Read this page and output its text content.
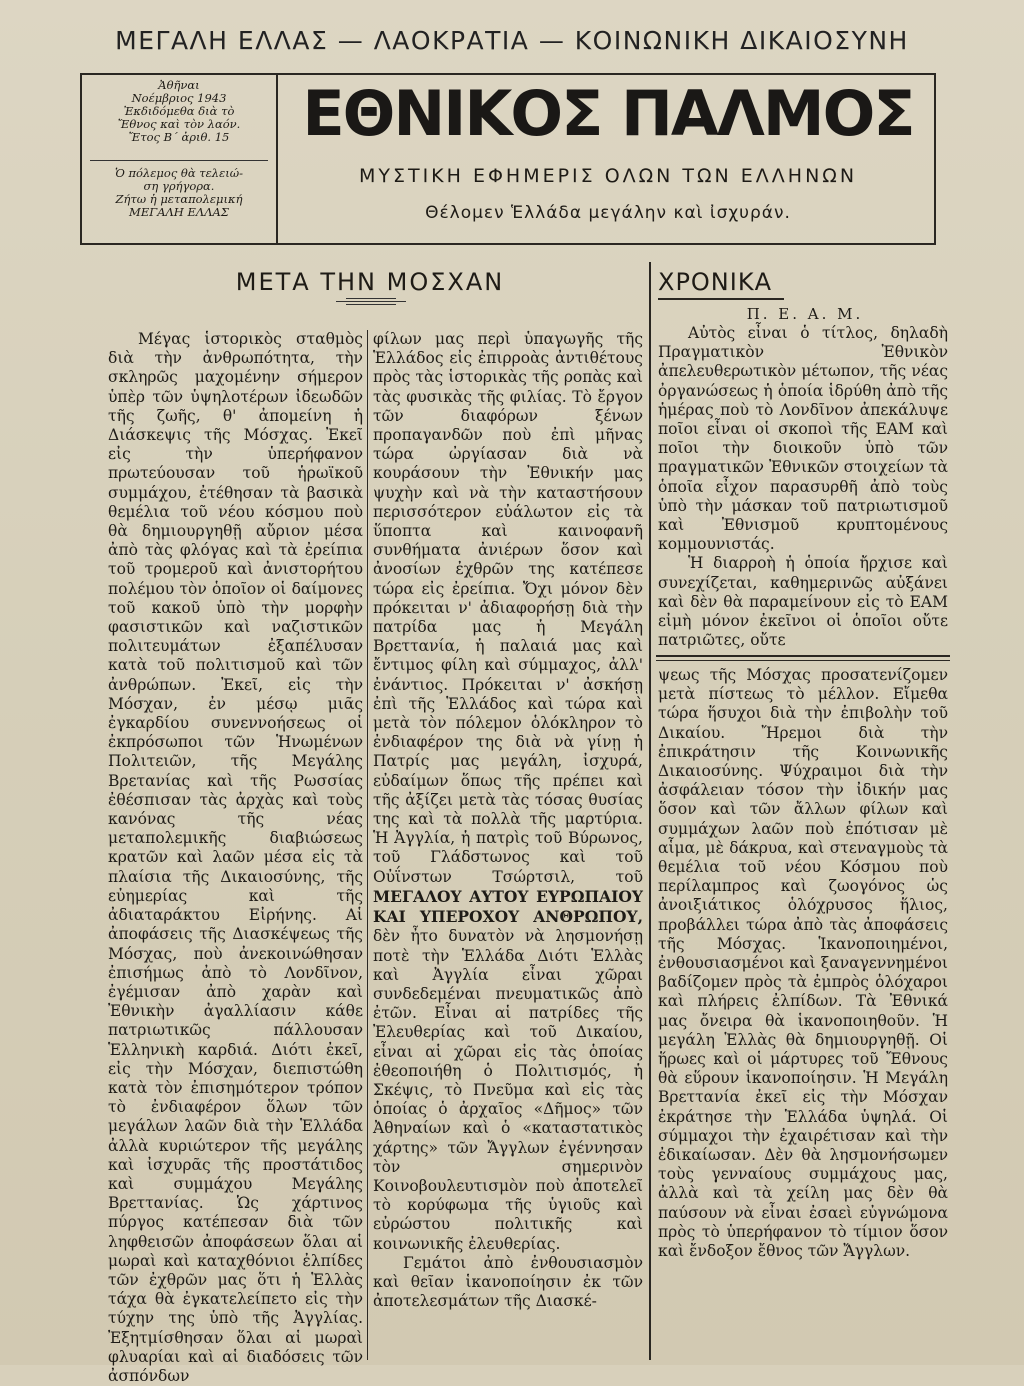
ΜΕΓΑΛΗ ΕΛΛΑΣ — ΛΑΟΚΡΑΤΙΑ — ΚΟΙΝΩΝΙΚΗ ΔΙΚΑΙΟΣΥΝΗ
Ἀθῆναι
Νοέμβριος 1943
Ἐκδιδόμεθα διὰ τὸ
Ἔθνος καὶ τὸν λαόν.
Ἔτος Β΄ ἀριθ. 15
Ὁ πόλεμος θὰ τελειώ-
ση γρήγορα.
Ζήτω ἡ μεταπολεμική
ΜΕΓΑΛΗ ΕΛΛΑΣ
ΕΘΝΙΚΟΣ ΠΑΛΜΟΣ
ΜΥΣΤΙΚΗ ΕΦΗΜΕΡΙΣ ΟΛΩΝ ΤΩΝ ΕΛΛΗΝΩΝ
Θέλομεν Ἑλλάδα μεγάλην καὶ ἰσχυράν.
ΜΕΤΑ ΤΗΝ ΜΟΣΧΑΝ

Μέγας ἱστορικὸς σταθμὸς διὰ τὴν ἀνθρωπότητα, τὴν σκληρῶς μαχομένην σήμερον ὑπὲρ τῶν ὑψηλοτέρων ἰδεωδῶν τῆς ζωῆς, θ' ἀπομείνη ἡ Διάσκεψις τῆς Μόσχας. Ἐκεῖ εἰς τὴν ὑπερήφανον πρωτεύουσαν τοῦ ἡρωϊκοῦ συμμάχου, ἐτέθησαν τὰ βασικὰ θεμέλια τοῦ νέου κόσμου ποὺ θὰ δημιουργηθῇ αὔριον μέσα ἀπὸ τὰς φλόγας καὶ τὰ ἐρείπια τοῦ τρομεροῦ καὶ ἀνιστορήτου πολέμου τὸν ὁποῖον οἱ δαίμονες τοῦ κακοῦ ὑπὸ τὴν μορφὴν φασιστικῶν καὶ ναζιστικῶν πολιτευμάτων ἐξαπέλυσαν κατὰ τοῦ πολιτισμοῦ καὶ τῶν ἀνθρώπων. Ἐκεῖ, εἰς τὴν Μόσχαν, ἐν μέσῳ μιᾶς ἐγκαρδίου συνεννοήσεως οἱ ἐκπρόσωποι τῶν Ἡνωμένων Πολιτειῶν, τῆς Μεγάλης Βρετανίας καὶ τῆς Ρωσσίας ἐθέσπισαν τὰς ἀρχὰς καὶ τοὺς κανόνας τῆς νέας μεταπολεμικῆς διαβιώσεως κρατῶν καὶ λαῶν μέσα εἰς τὰ πλαίσια τῆς Δικαιοσύνης, τῆς εὐημερίας καὶ τῆς ἀδιαταράκτου Εἰρήνης. Αἱ ἀποφάσεις τῆς Διασκέψεως τῆς Μόσχας, ποὺ ἀνεκοινώθησαν ἐπισήμως ἀπὸ τὸ Λονδῖνον, ἐγέμισαν ἀπὸ χαρὰν καὶ Ἐθνικὴν ἀγαλλίασιν κάθε πατριωτικῶς πάλλουσαν Ἑλληνικὴ καρδιά. Διότι ἐκεῖ, εἰς τὴν Μόσχαν, διεπιστώθη κατὰ τὸν ἐπισημότερον τρόπον τὸ ἐνδιαφέρον ὅλων τῶν μεγάλων λαῶν διὰ τὴν Ἑλλάδα ἀλλὰ κυριώτερον τῆς μεγάλης καὶ ἰσχυρᾶς τῆς προστάτιδος καὶ συμμάχου Μεγάλης Βρεττανίας. Ὡς χάρτινος πύργος κατέπεσαν διὰ τῶν ληφθεισῶν ἀποφάσεων ὅλαι αἱ μωραὶ καὶ καταχθόνιοι ἐλπίδες τῶν ἐχθρῶν μας ὅτι ἡ Ἑλλὰς τάχα θὰ ἐγκατελείπετο εἰς τὴν τύχην της ὑπὸ τῆς Ἀγγλίας. Ἐξητμίσθησαν ὅλαι αἱ μωραὶ φλυαρίαι καὶ αἱ διαδόσεις τῶν ἀσπόνδων

φίλων μας περὶ ὑπαγωγῆς τῆς Ἑλλάδος εἰς ἐπιρροὰς ἀντιθέτους πρὸς τὰς ἱστορικὰς τῆς ροπὰς καὶ τὰς φυσικὰς τῆς φιλίας. Τὸ ἔργον τῶν διαφόρων ξένων προπαγανδῶν ποὺ ἐπὶ μῆνας τώρα ὠργίασαν διὰ νὰ κουράσουν τὴν Ἐθνικήν μας ψυχὴν καὶ νὰ τὴν καταστήσουν περισσότερον εὐάλωτον εἰς τὰ ὕποπτα καὶ καινοφανῆ συνθήματα ἀνιέρων ὅσον καὶ ἀνοσίων ἐχθρῶν της κατέπεσε τώρα εἰς ἐρείπια. Ὄχι μόνον δὲν πρόκειται ν' ἀδιαφορήσῃ διὰ τὴν πατρίδα μας ἡ Μεγάλη Βρεττανία, ἡ παλαιά μας καὶ ἔντιμος φίλη καὶ σύμμαχος, ἀλλ' ἐνάντιος. Πρόκειται ν' ἀσκήσῃ ἐπὶ τῆς Ἑλλάδος καὶ τώρα καὶ μετὰ τὸν πόλεμον ὁλόκληρον τὸ ἐνδιαφέρον της διὰ νὰ γίνῃ ἡ Πατρίς μας μεγάλη, ἰσχυρά, εὐδαίμων ὅπως τῆς πρέπει καὶ τῆς ἀξίζει μετὰ τὰς τόσας θυσίας της καὶ τὰ πολλὰ τῆς μαρτύρια. Ἡ Ἀγγλία, ἡ πατρὶς τοῦ Βύρωνος, τοῦ Γλάδστωνος καὶ τοῦ Οὐΐνστων Τσώρτσιλ, τοῦ ΜΕΓΑΛΟΥ ΑΥΤΟΥ ΕΥΡΩΠΑΙΟΥ ΚΑΙ ΥΠΕΡΟΧΟΥ ΑΝΘΡΩΠΟΥ, δὲν ἦτο δυνατὸν νὰ λησμονήσῃ ποτὲ τὴν Ἑλλάδα Διότι Ἑλλὰς καὶ Ἀγγλία εἶναι χῶραι συνδεδεμέναι πνευματικῶς ἀπὸ ἐτῶν. Εἶναι αἱ πατρίδες τῆς Ἐλευθερίας καὶ τοῦ Δικαίου, εἶναι αἱ χῶραι εἰς τὰς ὁποίας ἐθεοποιήθη ὁ Πολιτισμός, ἡ Σκέψις, τὸ Πνεῦμα καὶ εἰς τὰς ὁποίας ὁ ἀρχαῖος «Δῆμος» τῶν Ἀθηναίων καὶ ὁ «καταστατικὸς χάρτης» τῶν Ἄγγλων ἐγέννησαν τὸν σημερινὸν Κοινοβουλευτισμὸν ποὺ ἀποτελεῖ τὸ κορύφωμα τῆς ὑγιοῦς καὶ εὐρώστου πολιτικῆς καὶ κοινωνικῆς ἐλευθερίας.

Γεμάτοι ἀπὸ ἐνθουσιασμὸν καὶ θεῖαν ἱκανοποίησιν ἐκ τῶν ἀποτελεσμάτων τῆς Διασκέ-

ΧΡΟΝΙΚΑ
Π. Ε. Α. Μ.

Αὐτὸς εἶναι ὁ τίτλος, δηλαδὴ Πραγματικὸν Ἐθνικὸν ἀπελευθερωτικὸν μέτωπον, τῆς νέας ὀργανώσεως ἡ ὁποία ἱδρύθη ἀπὸ τῆς ἡμέρας ποὺ τὸ Λονδῖνον ἀπεκάλυψε ποῖοι εἶναι οἱ σκοποὶ τῆς ΕΑΜ καὶ ποῖοι τὴν διοικοῦν ὑπὸ τῶν πραγματικῶν Ἐθνικῶν στοιχείων τὰ ὁποῖα εἶχον παρασυρθῆ ἀπὸ τοὺς ὑπὸ τὴν μάσκαν τοῦ πατριωτισμοῦ καὶ Ἐθνισμοῦ κρυπτομένους κομμουνιστάς.

Ἡ διαρροὴ ἡ ὁποία ἤρχισε καὶ συνεχίζεται, καθημερινῶς αὐξάνει καὶ δὲν θὰ παραμείνουν εἰς τὸ ΕΑΜ εἰμὴ μόνον ἐκεῖνοι οἱ ὁποῖοι οὔτε πατριῶτες, οὔτε

ψεως τῆς Μόσχας προσατενίζομεν μετὰ πίστεως τὸ μέλλον. Εἴμεθα τώρα ἥσυχοι διὰ τὴν ἐπιβολὴν τοῦ Δικαίου. Ἤρεμοι διὰ τὴν ἐπικράτησιν τῆς Κοινωνικῆς Δικαιοσύνης. Ψύχραιμοι διὰ τὴν ἀσφάλειαν τόσον τὴν ἰδικήν μας ὅσον καὶ τῶν ἄλλων φίλων καὶ συμμάχων λαῶν ποὺ ἐπότισαν μὲ αἷμα, μὲ δάκρυα, καὶ στεναγμοὺς τὰ θεμέλια τοῦ νέου Κόσμου ποὺ περίλαμπρος καὶ ζωογόνος ὡς ἀνοιξιάτικος ὁλόχρυσος ἥλιος, προβάλλει τώρα ἀπὸ τὰς ἀποφάσεις τῆς Μόσχας. Ἱκανοποιημένοι, ἐνθουσιασμένοι καὶ ξαναγεννημένοι βαδίζομεν πρὸς τὰ ἐμπρὸς ὁλόχαροι καὶ πλήρεις ἐλπίδων. Τὰ Ἐθνικά μας ὄνειρα θὰ ἱκανοποιηθοῦν. Ἡ μεγάλη Ἑλλὰς θὰ δημιουργηθῇ. Οἱ ἥρωες καὶ οἱ μάρτυρες τοῦ Ἔθνους θὰ εὕρουν ἱκανοποίησιν. Ἡ Μεγάλη Βρεττανία ἐκεῖ εἰς τὴν Μόσχαν ἐκράτησε τὴν Ἑλλάδα ὑψηλά. Οἱ σύμμαχοι τὴν ἐχαιρέτισαν καὶ τὴν ἐδικαίωσαν. Δὲν θὰ λησμονήσωμεν τοὺς γενναίους συμμάχους μας, ἀλλὰ καὶ τὰ χείλη μας δὲν θὰ παύσουν νὰ εἶναι ἐσαεὶ εὐγνώμονα πρὸς τὸ ὑπερήφανον τὸ τίμιον ὅσον καὶ ἔνδοξον ἔθνος τῶν Ἄγγλων.
